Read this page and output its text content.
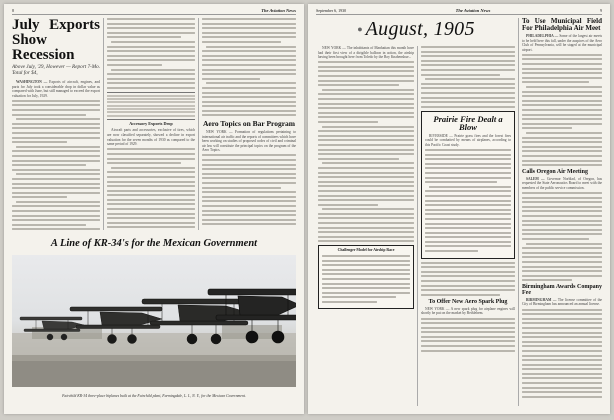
8	The Aviation News
July Exports Show Recession
Above July, '29, However — Report 7-Mo. Total for $4,

WASHINGTON — Exports of aircraft, engines, and parts for July took a considerable drop in dollar value as compared with June, but still managed to exceed the export valuation for July, 1929.

Accessory Exports Drop

Aircraft parts and accessories, exclusive of tires, which are now classified separately, showed a decline in export valuation for the seven months of 1930 as compared to the same period of 1929.

Aero Topics on Bar Program

NEW YORK — Formation of regulations pertaining to international air traffic and the reports of committees which have been working on studies of proposed codes of civil and criminal air law will constitute the principal topics on the program of the Aero Topics.

A Line of KR-34's for the Mexican Government
Fairchild KR-34 three-place biplanes built at the Fairchild plant, Farmingdale, L. I., N. Y., for the Mexican Government.
September 6, 1930	The Aviation News	9
● August, 1905

NEW YORK — The inhabitants of Manhattan this month have had their first view of a dirigible balloon in action, the airship having been brought here from Toledo by the Roy Knabenshue...

Challenger Model for Airship Race
Prairie Fire Dealt a Blow

RIVERSIDE — Prairie grass fires and the forest fires could be combatted by means of airplanes, according to this Pacific Coast study.

To Offer New Aero Spark Plug

NEW YORK — A new spark plug for airplane engines will shortly be put on the market by Bethlehem.

To Use Municipal Field For Philadelphia Air Meet

PHILADELPHIA — Some of the largest air meets to be held here this fall, under the auspices of the Aero Club of Pennsylvania, will be staged at the municipal airport.

Calls Oregon Air Meeting

SALEM — Governor Norblad, of Oregon, has requested the State Aeronautics Board to meet with the members of the public service commission.

Birmingham Awards Company Fee

BIRMINGHAM — The license committee of the City of Birmingham has announced an annual license.
